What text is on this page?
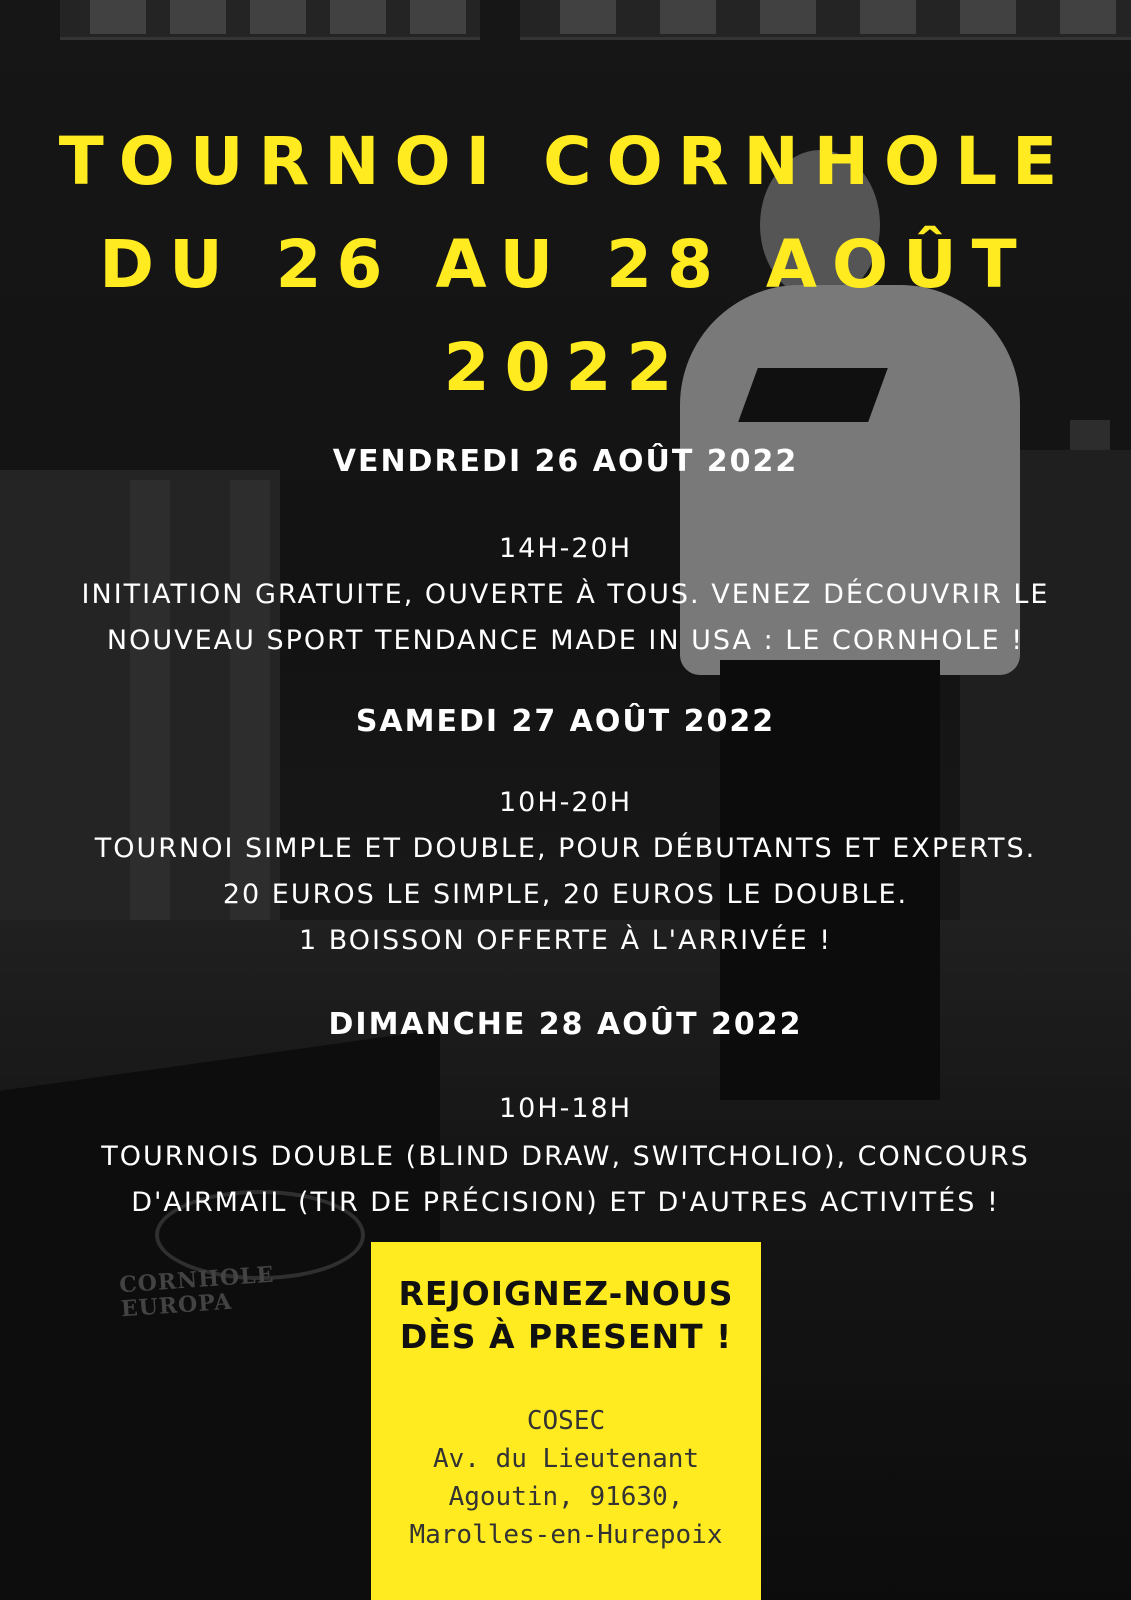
CORNHOLE
EUROPA
TOURNOI CORNHOLE
DU 26 AU 28 AOÛT
2022
VENDREDI 26 AOÛT 2022
14H-20H
INITIATION GRATUITE, OUVERTE À TOUS. VENEZ DÉCOUVRIR LE
NOUVEAU SPORT TENDANCE MADE IN USA : LE CORNHOLE !
SAMEDI 27 AOÛT 2022
10H-20H
TOURNOI SIMPLE ET DOUBLE, POUR DÉBUTANTS ET EXPERTS.
20 EUROS LE SIMPLE, 20 EUROS LE DOUBLE.
1 BOISSON OFFERTE À L'ARRIVÉE !
DIMANCHE 28 AOÛT 2022
10H-18H
TOURNOIS DOUBLE (BLIND DRAW, SWITCHOLIO), CONCOURS
D'AIRMAIL (TIR DE PRÉCISION) ET D'AUTRES ACTIVITÉS !
REJOIGNEZ-NOUS
DÈS À PRESENT !
COSEC
Av. du Lieutenant
Agoutin, 91630,
Marolles-en-Hurepoix
